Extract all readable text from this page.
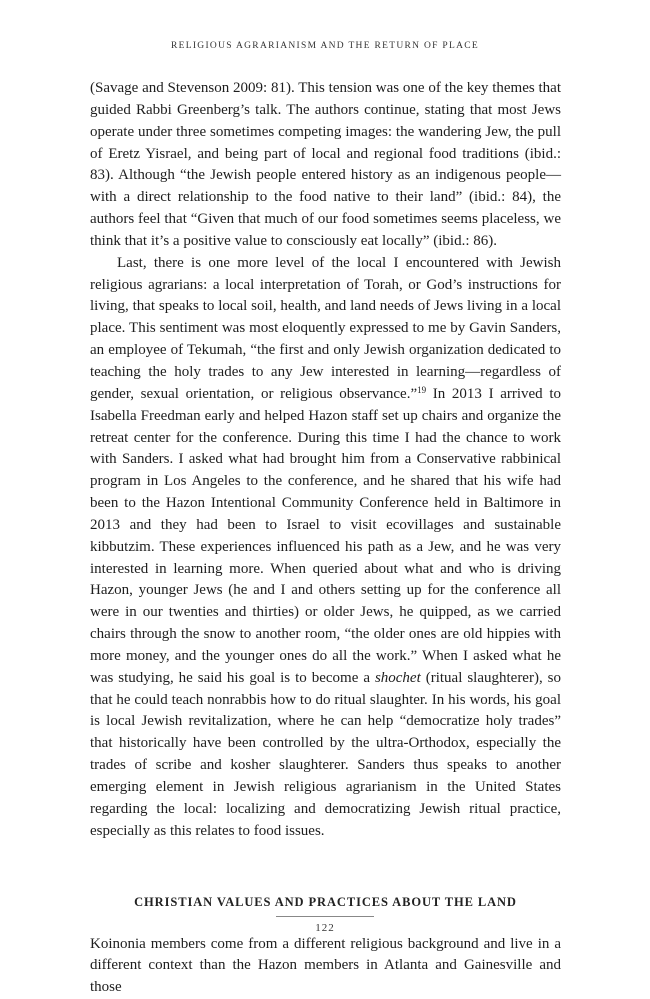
RELIGIOUS AGRARIANISM AND THE RETURN OF PLACE

(Savage and Stevenson 2009: 81). This tension was one of the key themes that guided Rabbi Greenberg’s talk. The authors continue, stating that most Jews operate under three sometimes competing images: the wandering Jew, the pull of Eretz Yisrael, and being part of local and regional food traditions (ibid.: 83). Although “the Jewish people entered history as an indigenous people—with a direct relationship to the food native to their land” (ibid.: 84), the authors feel that “Given that much of our food sometimes seems placeless, we think that it’s a positive value to consciously eat locally” (ibid.: 86).

Last, there is one more level of the local I encountered with Jewish religious agrarians: a local interpretation of Torah, or God’s instructions for living, that speaks to local soil, health, and land needs of Jews living in a local place. This sentiment was most eloquently expressed to me by Gavin Sanders, an employee of Tekumah, “the first and only Jewish organization dedicated to teaching the holy trades to any Jew interested in learning—regardless of gender, sexual orientation, or religious observance.”$^{19}$ In 2013 I arrived to Isabella Freedman early and helped Hazon staff set up chairs and organize the retreat center for the conference. During this time I had the chance to work with Sanders. I asked what had brought him from a Conservative rabbinical program in Los Angeles to the conference, and he shared that his wife had been to the Hazon Intentional Community Conference held in Baltimore in 2013 and they had been to Israel to visit ecovillages and sustainable kibbutzim. These experiences influenced his path as a Jew, and he was very interested in learning more. When queried about what and who is driving Hazon, younger Jews (he and I and others setting up for the conference all were in our twenties and thirties) or older Jews, he quipped, as we carried chairs through the snow to another room, “the older ones are old hippies with more money, and the younger ones do all the work.” When I asked what he was studying, he said his goal is to become a shochet (ritual slaughterer), so that he could teach nonrabbis how to do ritual slaughter. In his words, his goal is local Jewish revitalization, where he can help “democratize holy trades” that historically have been controlled by the ultra-Orthodox, especially the trades of scribe and kosher slaughterer. Sanders thus speaks to another emerging element in Jewish religious agrarianism in the United States regarding the local: localizing and democratizing Jewish ritual practice, especially as this relates to food issues.

CHRISTIAN VALUES AND PRACTICES ABOUT THE LAND

Koinonia members come from a different religious background and live in a different context than the Hazon members in Atlanta and Gainesville and those

122
